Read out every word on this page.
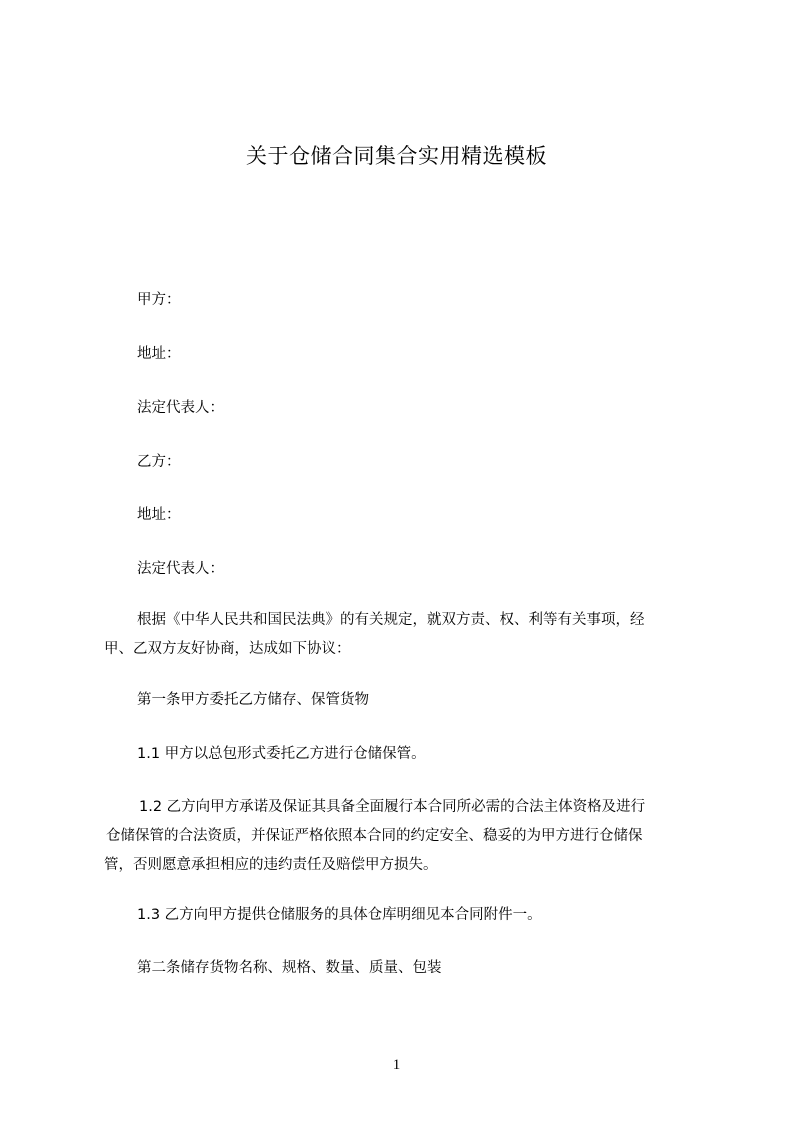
关于仓储合同集合实用精选模板

甲方：

地址：

法定代表人：

乙方：

地址：

法定代表人：

根据《中华人民共和国民法典》的有关规定，就双方责、权、利等有关事项，经
甲、乙双方友好协商，达成如下协议：

第一条甲方委托乙方储存、保管货物

1.1 甲方以总包形式委托乙方进行仓储保管。

1.2 乙方向甲方承诺及保证其具备全面履行本合同所必需的合法主体资格及进行
仓储保管的合法资质，并保证严格依照本合同的约定安全、稳妥的为甲方进行仓储保
管，否则愿意承担相应的违约责任及赔偿甲方损失。

1.3 乙方向甲方提供仓储服务的具体仓库明细见本合同附件一。

第二条储存货物名称、规格、数量、质量、包装

1
